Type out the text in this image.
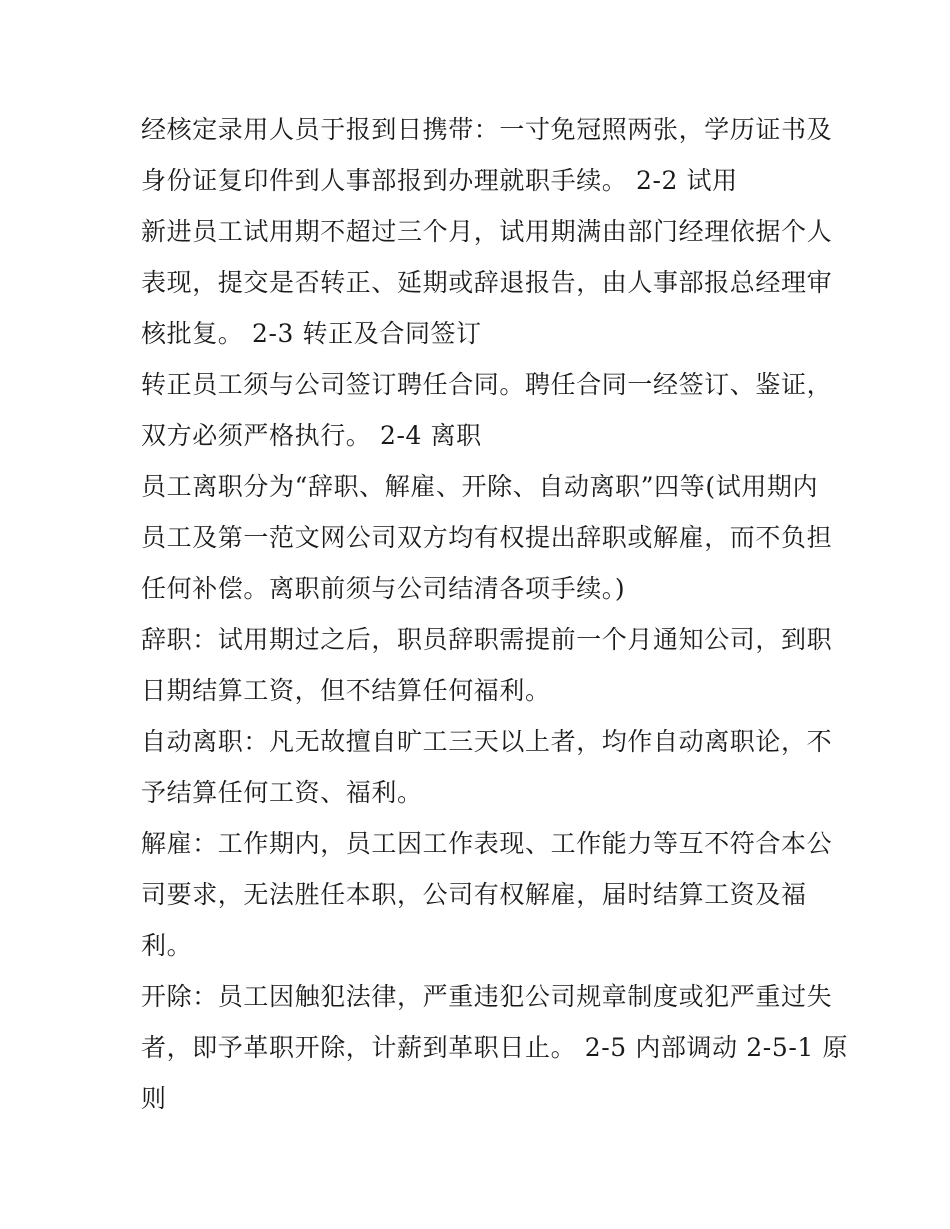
经核定录用人员于报到日携带：一寸免冠照两张，学历证书及
身份证复印件到人事部报到办理就职手续。 2-2 试用
新进员工试用期不超过三个月，试用期满由部门经理依据个人
表现，提交是否转正、延期或辞退报告，由人事部报总经理审
核批复。 2-3 转正及合同签订
转正员工须与公司签订聘任合同。聘任合同一经签订、鉴证，
双方必须严格执行。 2-4 离职
员工离职分为“辞职、解雇、开除、自动离职”四等(试用期内
员工及第一范文网公司双方均有权提出辞职或解雇，而不负担
任何补偿。离职前须与公司结清各项手续。)
辞职：试用期过之后，职员辞职需提前一个月通知公司，到职
日期结算工资，但不结算任何福利。
自动离职：凡无故擅自旷工三天以上者，均作自动离职论，不
予结算任何工资、福利。
解雇：工作期内，员工因工作表现、工作能力等互不符合本公
司要求，无法胜任本职，公司有权解雇，届时结算工资及福
利。
开除：员工因触犯法律，严重违犯公司规章制度或犯严重过失
者，即予革职开除，计薪到革职日止。 2-5 内部调动 2-5-1 原
则
